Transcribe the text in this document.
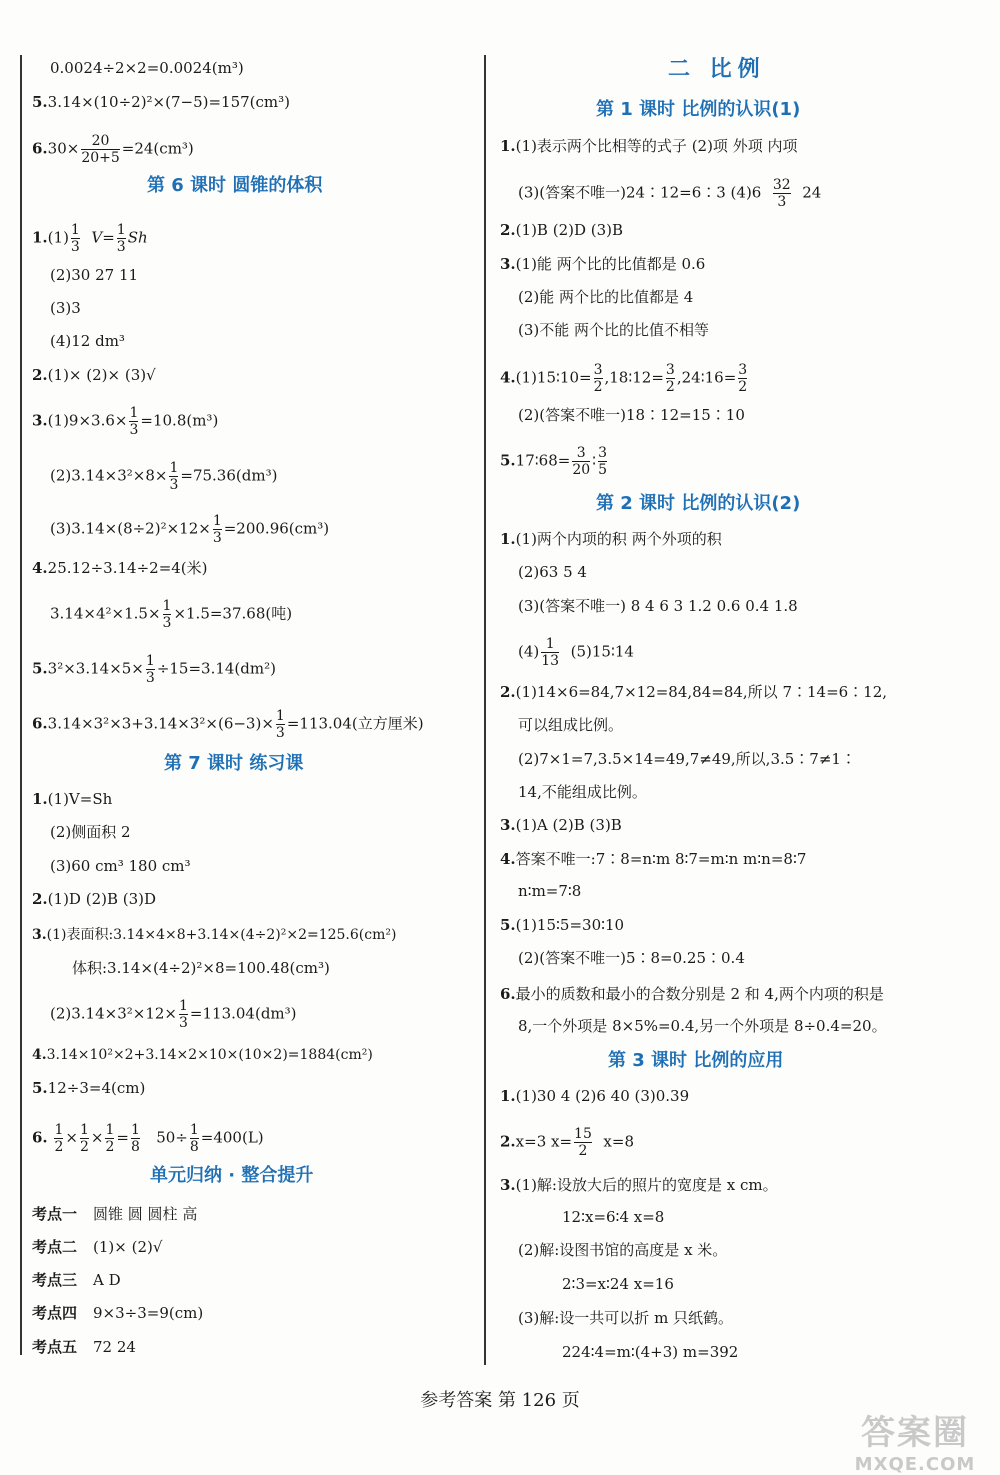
0.0024÷2×2=0.0024(m³)
5.3.14×(10÷2)²×(7−5)=157(cm³)
$6.30\times \frac{20}{20+5} =24(cm^3)$
第 6 课时 圆锥的体积
$1.(1) \frac{1}{3} V= \frac{1}{3}$ Sh
(2)30 27 11
(3)3
(4)12 dm³
2.(1)× (2)× (3)√
$3.(1)9\times 3.6\times \frac{1}{3} =10.8(m^3)$
$(2)3.14\times 3^2\times 8\times \frac{1}{3} =75.36(dm^3)$
$(3)3.14\times(8\div 2)^2\times 12\times \frac{1}{3} =200.96(cm^3)$
4.25.12÷3.14÷2=4(米)
$3.14\times 4^2\times 1.5\times \frac{1}{3} \times 1.5=37.68$(吨)
$5.3^2\times 3.14\times 5\times \frac{1}{3} \div 15=3.14(dm^2)$
$6.3.14\times 3^2\times 3+3.14\times 3^2\times(6-3)\times \frac{1}{3} =113.04$(立方厘米)
第 7 课时 练习课
1.(1)V=Sh
(2)侧面积 2
(3)60 cm³ 180 cm³
2.(1)D (2)B (3)D
3.(1)表面积:3.14×4×8+3.14×(4÷2)²×2=125.6(cm²)
体积:3.14×(4÷2)²×8=100.48(cm³)
$(2)3.14\times 3^2\times 12\times \frac{1}{3} =113.04(dm^3)$
4.3.14×10²×2+3.14×2×10×(10×2)=1884(cm²)
5.12÷3=4(cm)
6. $\frac{1}{2} \times \frac{1}{2} \times \frac{1}{2} = \frac{1}{8} 50\div \frac{1}{8} =400(L)$
单元归纳 · 整合提升
考点一 圆锥 圆 圆柱 高
考点二 (1)× (2)√
考点三 A D
考点四 9×3÷3=9(cm)
考点五 72 24
二 比例
第 1 课时 比例的认识(1)
1.(1)表示两个比相等的式子 (2)项 外项 内项
(3)(答案不唯一)24∶12=6∶3 $(4)6 \frac{32}{3} 24$
2.(1)B (2)D (3)B
3.(1)能 两个比的比值都是 0.6
(2)能 两个比的比值都是 4
(3)不能 两个比的比值不相等
4.(1)15∶10= $\frac{3}{2}$ ,18∶12= $\frac{3}{2}$ ,24∶16= $\frac{3}{2}$
(2)(答案不唯一)18∶12=15∶10
5.17∶68= $\frac{3}{20}$ ∶ $\frac{3}{5}$
第 2 课时 比例的认识(2)
1.(1)两个内项的积 两个外项的积
(2)63 5 4
(3)(答案不唯一) 8 4 6 3 1.2 0.6 0.4 1.8
$(4) \frac{1}{13}$ (5)15∶14
2.(1)14×6=84,7×12=84,84=84,所以 7∶14=6∶12,
可以组成比例。
(2)7×1=7,3.5×14=49,7≠49,所以,3.5∶7≠1∶
14,不能组成比例。
3.(1)A (2)B (3)B
4.答案不唯一:7∶8=n∶m 8∶7=m∶n m∶n=8∶7
n∶m=7∶8
5.(1)15∶5=30∶10
(2)(答案不唯一)5∶8=0.25∶0.4
6.最小的质数和最小的合数分别是 2 和 4,两个内项的积是
8,一个外项是 8×5%=0.4,另一个外项是 8÷0.4=20。
第 3 课时 比例的应用
1.(1)30 4 (2)6 40 (3)0.39
2.x=3 $x= \frac{15}{2} x=8$
3.(1)解:设放大后的照片的宽度是 x cm。
12∶x=6∶4 x=8
(2)解:设图书馆的高度是 x 米。
2∶3=x∶24 x=16
(3)解:设一共可以折 m 只纸鹤。
224∶4=m∶(4+3) m=392
参考答案 第 126 页
答案圈
MXQE.COM
